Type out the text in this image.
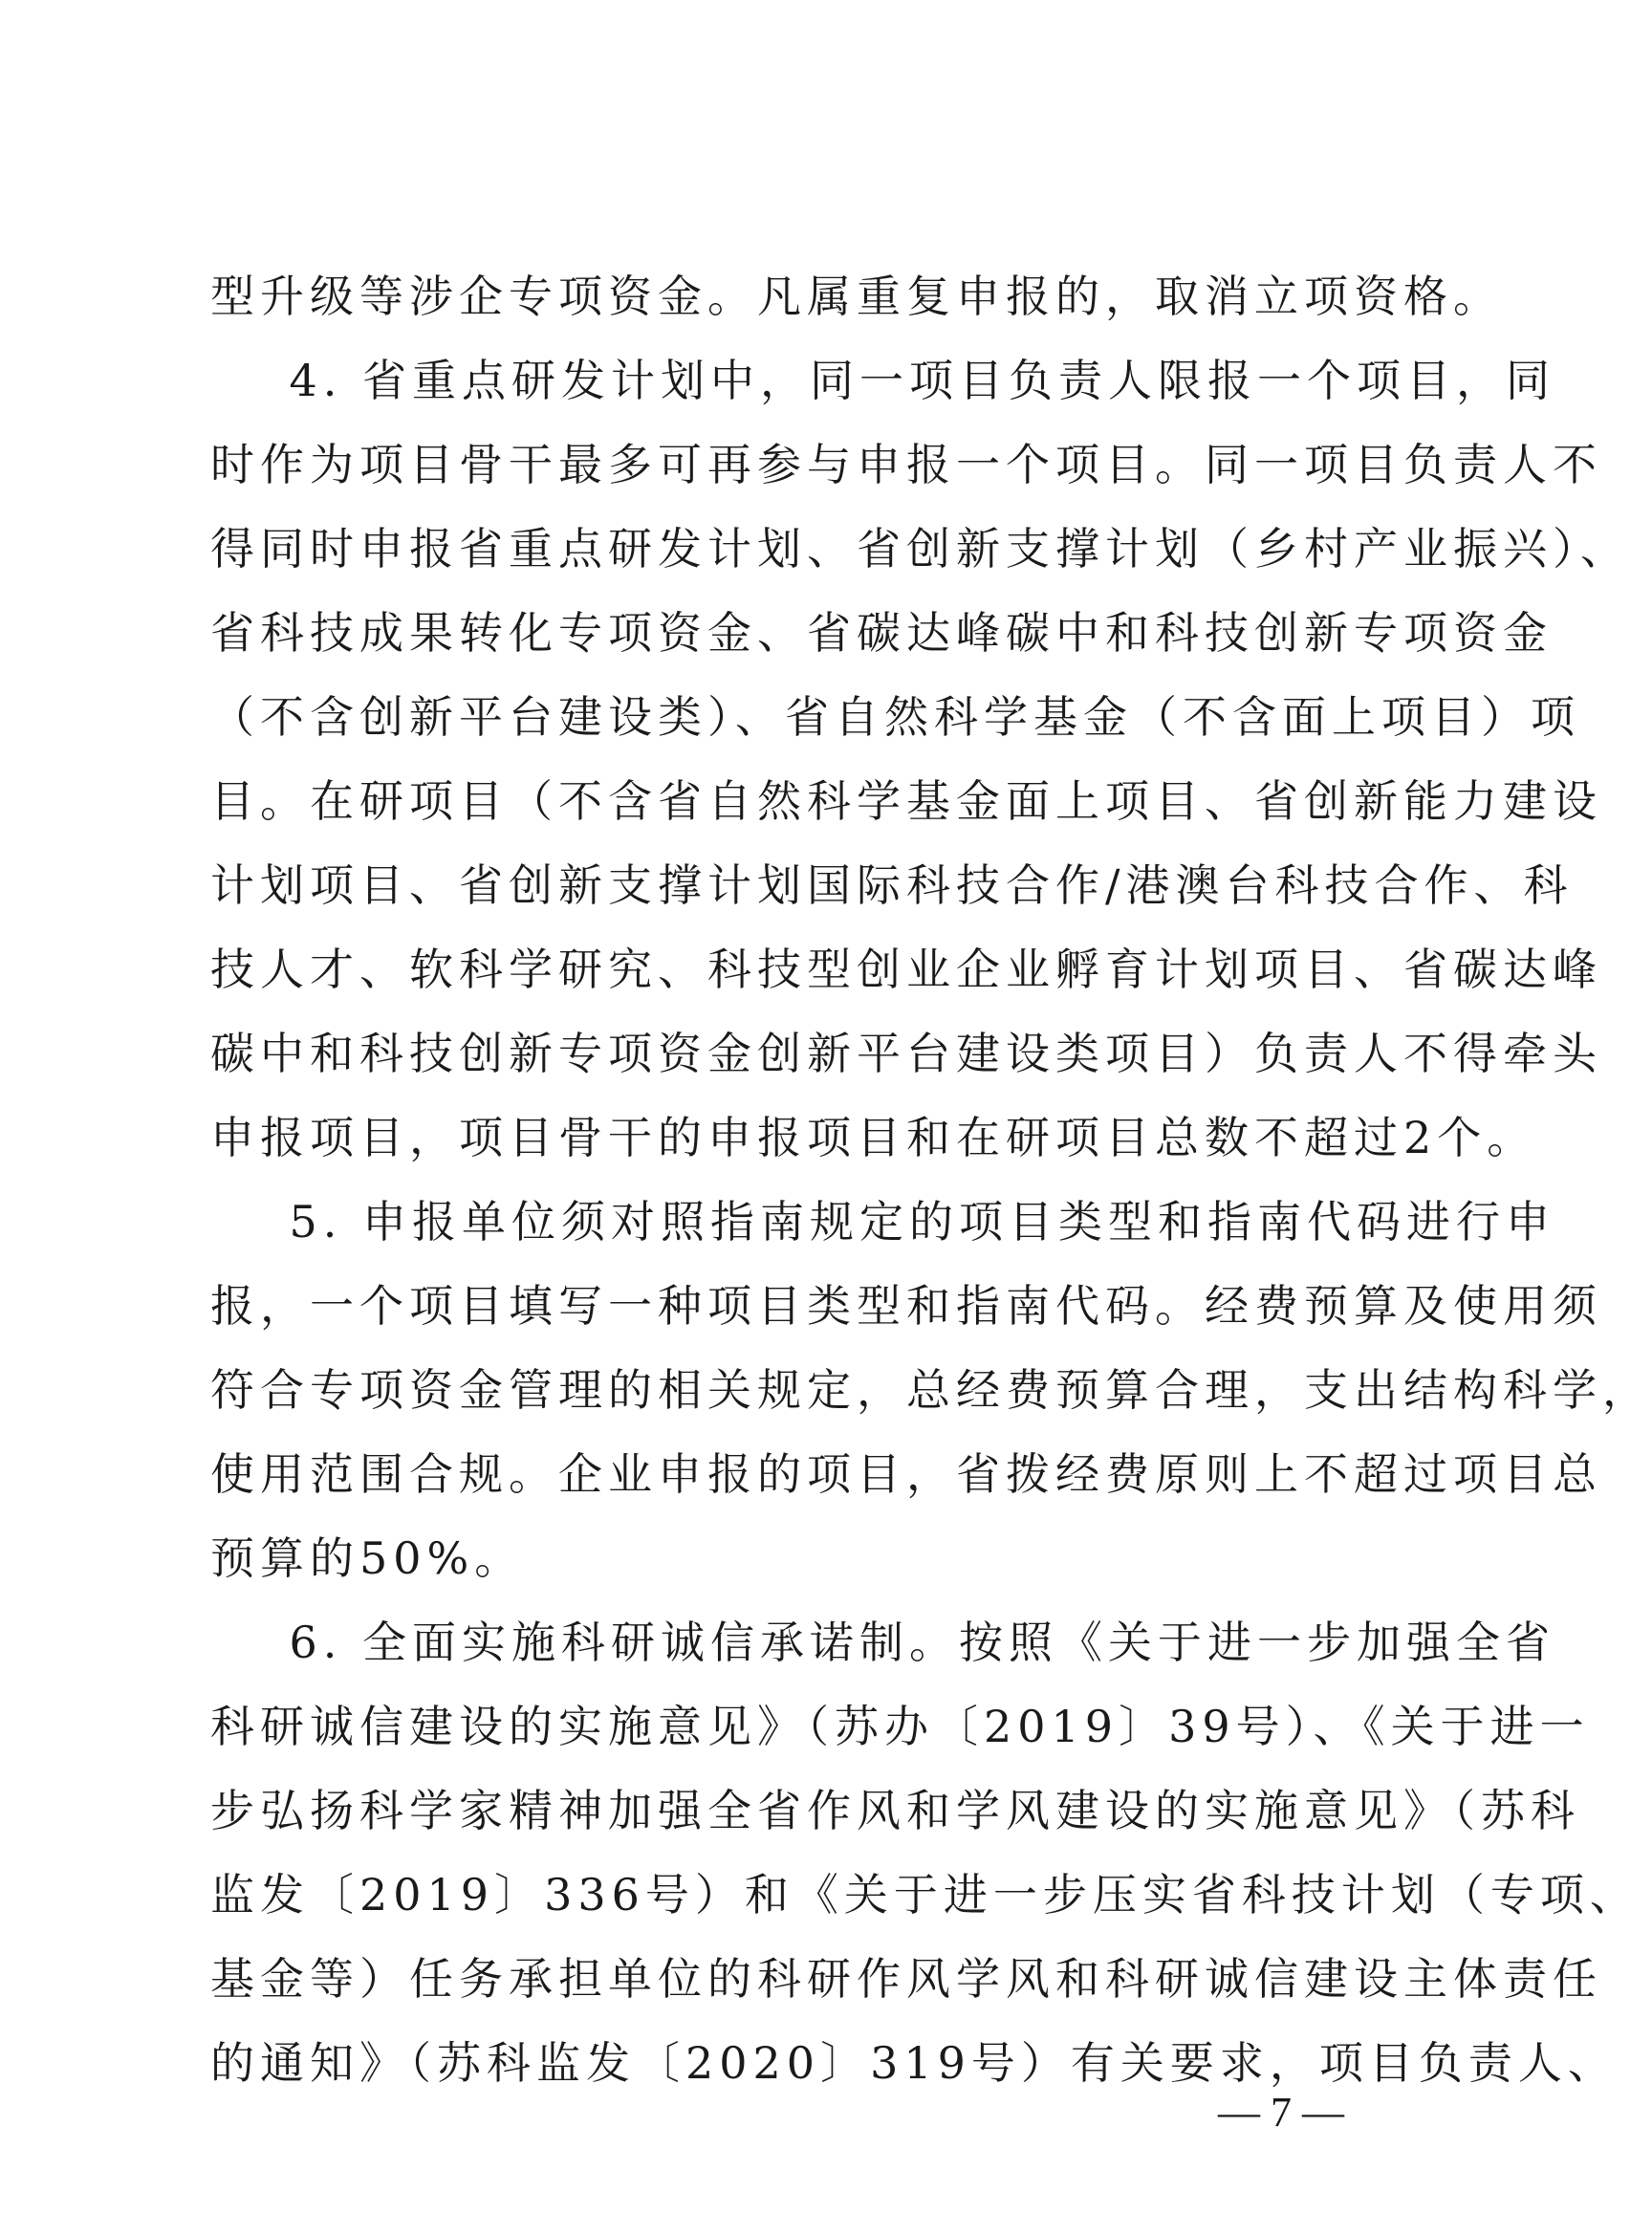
型升级等涉企专项资金。凡属重复申报的，取消立项资格。
4. 省重点研发计划中，同一项目负责人限报一个项目，同
时作为项目骨干最多可再参与申报一个项目。同一项目负责人不
得同时申报省重点研发计划、省创新支撑计划（乡村产业振兴）、
省科技成果转化专项资金、省碳达峰碳中和科技创新专项资金
（不含创新平台建设类）、省自然科学基金（不含面上项目）项
目。在研项目（不含省自然科学基金面上项目、省创新能力建设
计划项目、省创新支撑计划国际科技合作/港澳台科技合作、科
技人才、软科学研究、科技型创业企业孵育计划项目、省碳达峰
碳中和科技创新专项资金创新平台建设类项目）负责人不得牵头
申报项目，项目骨干的申报项目和在研项目总数不超过2个。
5. 申报单位须对照指南规定的项目类型和指南代码进行申
报，一个项目填写一种项目类型和指南代码。经费预算及使用须
符合专项资金管理的相关规定，总经费预算合理，支出结构科学，
使用范围合规。企业申报的项目，省拨经费原则上不超过项目总
预算的50%。
6. 全面实施科研诚信承诺制。按照《关于进一步加强全省
科研诚信建设的实施意见》（苏办〔2019〕39号）、《关于进一
步弘扬科学家精神加强全省作风和学风建设的实施意见》（苏科
监发〔2019〕336号）和《关于进一步压实省科技计划（专项、
基金等）任务承担单位的科研作风学风和科研诚信建设主体责任
的通知》（苏科监发〔2020〕319号）有关要求，项目负责人、
— 7 —
